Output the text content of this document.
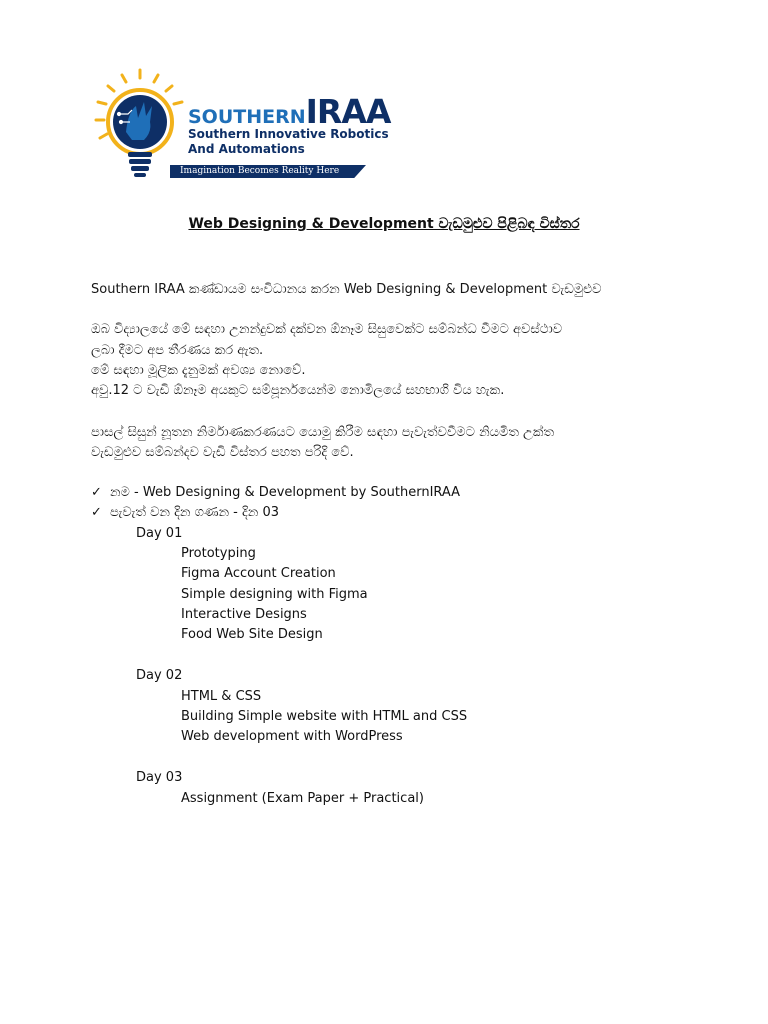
SOUTHERNIRAA
Southern Innovative Robotics
And Automations
Imagination Becomes Reality Here
Web Designing & Development වැඩමුළුව පිළිබඳ විස්තර
Southern IRAA කණ්ඩායම සංවිධානය කරන Web Designing & Development වැඩමුළුව
ඔබ විද්‍යාලයේ මේ සඳහා උනන්දුවක් දක්වන ඕනෑම සිසුවෙක්ට සම්බන්ධ වීමට අවස්ථාව
ලබා දීමට අප තීරණය කර ඇත.
මේ සඳහා මූලික දැනුමක් අවශ්‍ය නොවේ.
අවු.12 ට වැඩි ඕනෑම අයකුට සම්පූර්නයෙන්ම නොමිලයේ සහභාගි විය හැක.
පාසල් සිසුන් නූතන නිර්මාණකරණයට යොමු කිරීම සඳහා පැවැත්වවීමට නියමිත උක්ත
වැඩමුළුව සම්බන්දව වැඩි විස්තර පහත පරිදි වේ.
✓ නම - Web Designing & Development by SouthernIRAA
✓ පැවැත් වන දින ගණන - දින 03
Day 01
Prototyping
Figma Account Creation
Simple designing with Figma
Interactive Designs
Food Web Site Design
Day 02
HTML & CSS
Building Simple website with HTML and CSS
Web development with WordPress
Day 03
Assignment (Exam Paper + Practical)
